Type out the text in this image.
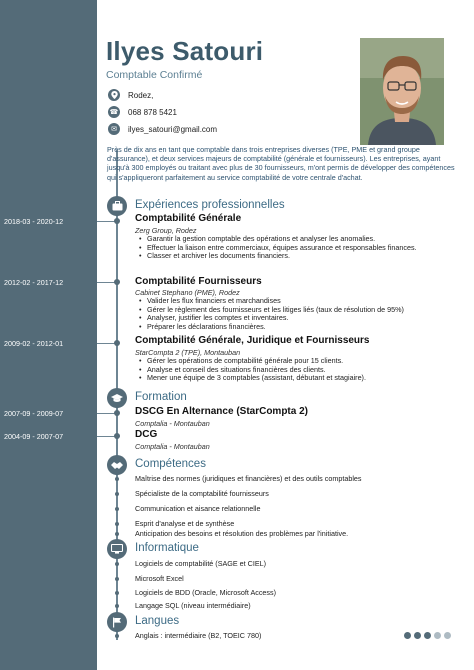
Ilyes Satouri
Comptable Confirmé
Rodez,
☎ 068 878 5421
✉	ilyes_satouri@gmail.com
Près de dix ans en tant que comptable dans trois entreprises diverses (TPE, PME et grand groupe d'assurance), et deux services majeurs de comptabilité (générale et fournisseurs). Les entreprises, ayant jusqu'à 300 employés ou traitant avec plus de 30 fournisseurs, m'ont permis de développer des compétences qui s'appliqueront parfaitement au service comptabilité de votre centrale d'achat.
Expériences professionnelles
2018-03 - 2020-12	Comptabilité Générale
Zerg Group, Rodez
• Garantir la gestion comptable des opérations et analyser les anomalies.
• Effectuer la liaison entre commerciaux, équipes assurance et responsables finances.
• Classer et archiver les documents financiers.
2012-02 - 2017-12	Comptabilité Fournisseurs
Cabinet Stephano (PME), Rodez
• Valider les flux financiers et marchandises
• Gérer le règlement des fournisseurs et les litiges liés (taux de résolution de 95%)
• Analyser, justifier les comptes et inventaires.
• Préparer les déclarations financières.
2009-02 - 2012-01	Comptabilité Générale, Juridique et Fournisseurs
StarCompta 2 (TPE), Montauban
• Gérer les opérations de comptabilité générale pour 15 clients.
• Analyse et conseil des situations financières des clients.
• Mener une équipe de 3 comptables (assistant, débutant et stagiaire).
Formation
2007-09 - 2009-07	DSCG En Alternance (StarCompta 2)
Comptalia - Montauban
2004-09 - 2007-07	DCG
Comptalia - Montauban
Compétences
Maîtrise des normes (juridiques et financières) et des outils comptables
Spécialiste de la comptabilité fournisseurs
Communication et aisance relationnelle
Esprit d'analyse et de synthèse
Anticipation des besoins et résolution des problèmes par l'initiative.
Informatique
Logiciels de comptabilité (SAGE et CIEL)
Microsoft Excel
Logiciels de BDD (Oracle, Microsoft Access)
Langage SQL (niveau intermédiaire)
Langues
Anglais : intermédiaire (B2, TOEIC 780)
